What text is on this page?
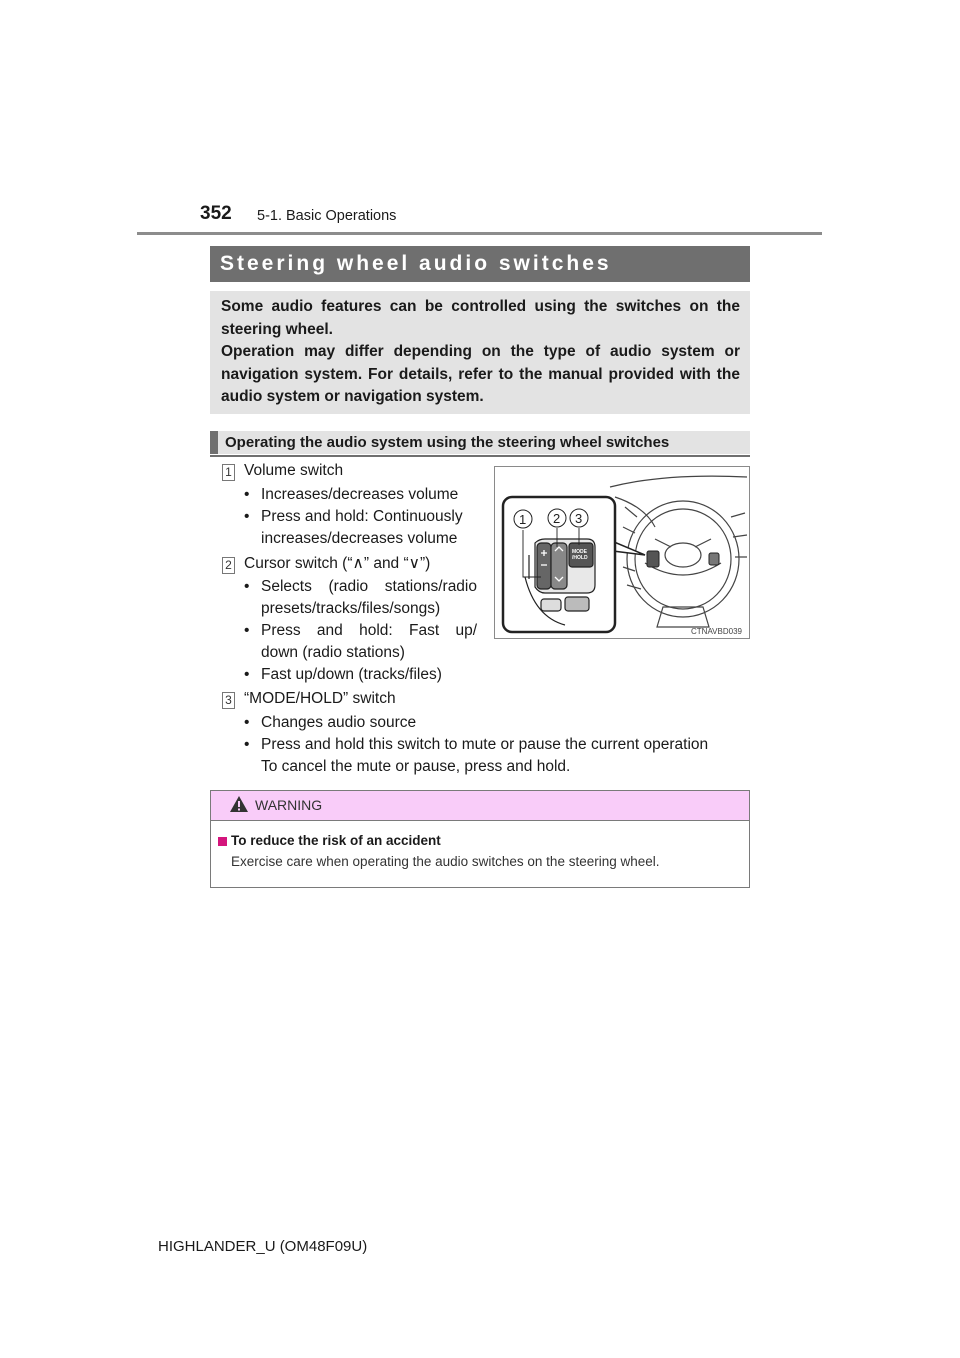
352 5-1. Basic Operations
Steering wheel audio switches

Some audio features can be controlled using the switches on the steering wheel.

Operation may differ depending on the type of audio system or navigation system. For details, refer to the manual provided with the audio system or navigation system.

Operating the audio system using the steering wheel switches
1 Volume switch
• Increases/decreases volume
• Press and hold: Continuously
increases/decreases volume
2 Cursor switch (“∧” and “∨”)
• Selects (radio stations/radio
presets/tracks/files/songs)
• Press and hold: Fast up/
down (radio stations)
• Fast up/down (tracks/files)
3 “MODE/HOLD” switch
• Changes audio source
• Press and hold this switch to mute or pause the current operation
To cancel the mute or pause, press and hold.
MODE
/HOLD
1 2 3
CTNAVBD039
WARNING
To reduce the risk of an accident
Exercise care when operating the audio switches on the steering wheel.
HIGHLANDER_U (OM48F09U)
